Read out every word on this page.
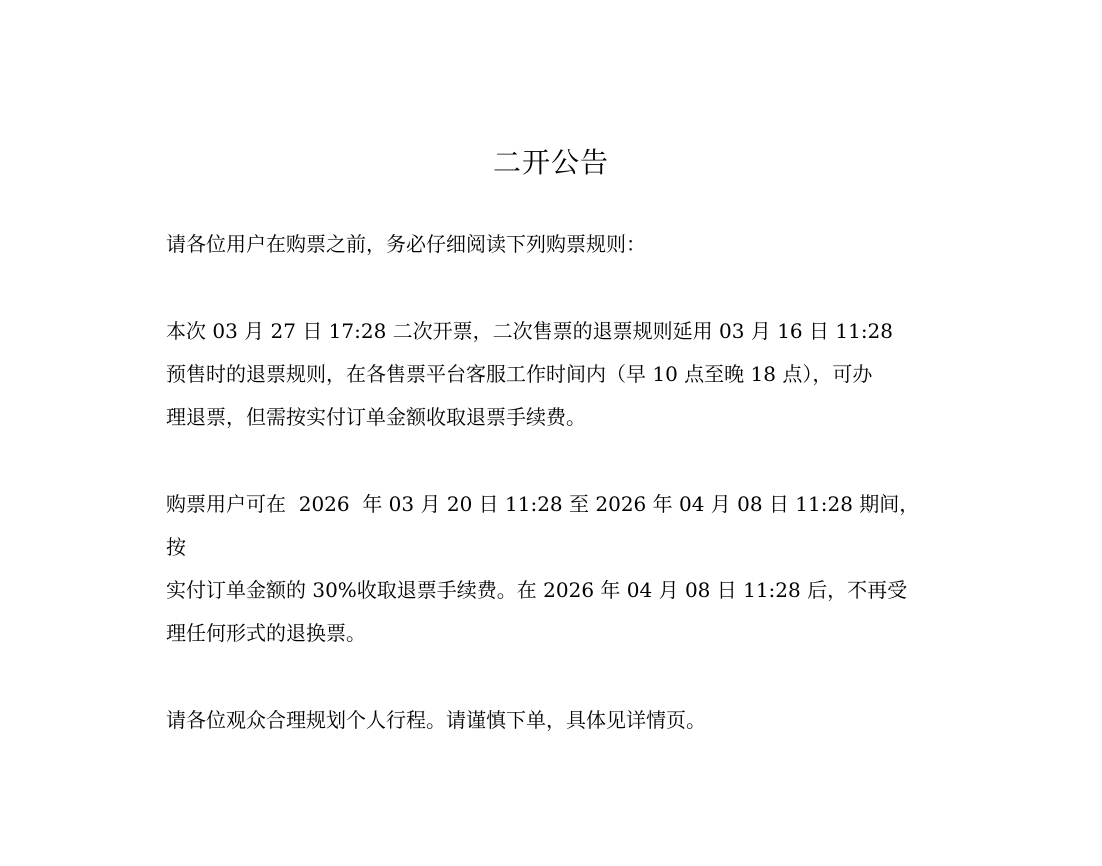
二开公告

请各位用户在购票之前，务必仔细阅读下列购票规则：

本次 03 月 27 日 17:28 二次开票，二次售票的退票规则延用 03 月 16 日 11:28
预售时的退票规则，在各售票平台客服工作时间内（早 10 点至晚 18 点），可办
理退票，但需按实付订单金额收取退票手续费。

购票用户可在  2026  年 03 月 20 日 11:28 至 2026 年 04 月 08 日 11:28 期间，按
实付订单金额的 30%收取退票手续费。在 2026 年 04 月 08 日 11:28 后，不再受
理任何形式的退换票。

请各位观众合理规划个人行程。请谨慎下单，具体见详情页。
